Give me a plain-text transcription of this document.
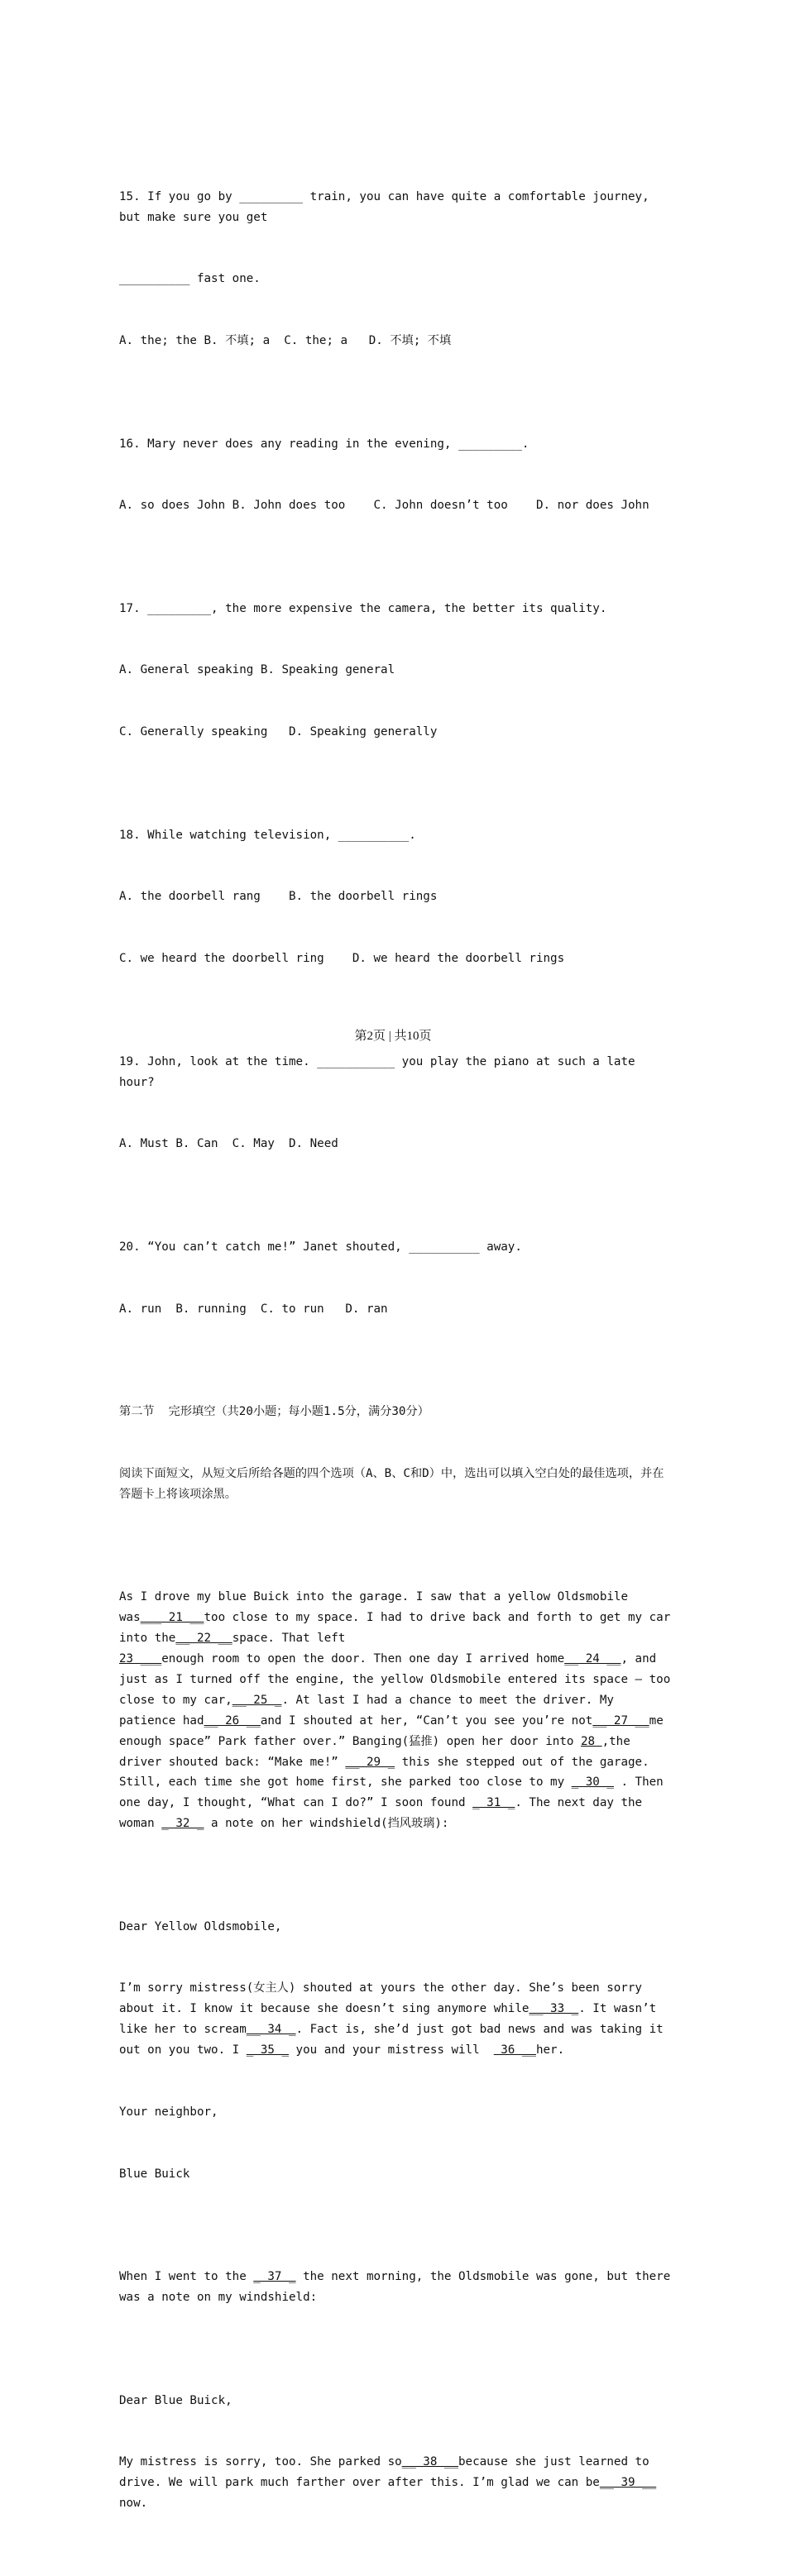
15. If you go by _________ train, you can have quite a comfortable journey, but make sure you get

__________ fast one.

A. the; the B. 不填; a  C. the; a   D. 不填; 不填

16. Mary never does any reading in the evening, _________.

A. so does John B. John does too    C. John doesn’t too    D. nor does John

17. _________, the more expensive the camera, the better its quality.

A. General speaking B. Speaking general

C. Generally speaking   D. Speaking generally

18. While watching television, __________.

A. the doorbell rang    B. the doorbell rings

C. we heard the doorbell ring    D. we heard the doorbell rings

19. John, look at the time. ___________ you play the piano at such a late hour?

A. Must B. Can  C. May  D. Need

20. “You can’t catch me!” Janet shouted, __________ away.

A. run  B. running  C. to run   D. ran

第二节  完形填空（共20小题；每小题1.5分，满分30分）

阅读下面短文，从短文后所给各题的四个选项（A、B、C和D）中，选出可以填入空白处的最佳选项，并在答题卡上将该项涂黑。

As I drove my blue Buick into the garage. I saw that a yellow Oldsmobile was___ 21 __too close to my space. I had to drive back and forth to get my car into the__ 22 __space. That left
23 ___enough room to open the door. Then one day I arrived home__ 24 __, and just as I turned off the engine, the yellow Oldsmobile entered its space — too close to my car,__ 25 _. At last I had a chance to meet the driver. My patience had__ 26 __and I shouted at her, “Can’t you see you’re not__ 27 __me enough space” Park father over.” Banging(猛推) open her door into 28 ,the driver shouted back: “Make me!” __ 29 _ this she stepped out of the garage. Still, each time she got home first, she parked too close to my _ 30 _ . Then one day, I thought, “What can I do?” I soon found _ 31 _. The next day the woman _ 32 _ a note on her windshield(挡风玻璃):

Dear Yellow Oldsmobile,

I’m sorry mistress(女主人) shouted at yours the other day. She’s been sorry about it. I know it because she doesn’t sing anymore while__ 33 _. It wasn’t like her to scream__ 34 _. Fact is, she’d just got bad news and was taking it out on you two. I _ 35 _ you and your mistress will   36 __her.

Your neighbor,

Blue Buick

When I went to the _ 37 _ the next morning, the Oldsmobile was gone, but there was a note on my windshield:

Dear Blue Buick,

My mistress is sorry, too. She parked so__ 38 __because she just learned to drive. We will park much farther over after this. I’m glad we can be__ 39 __ now.

第2页 | 共10页
